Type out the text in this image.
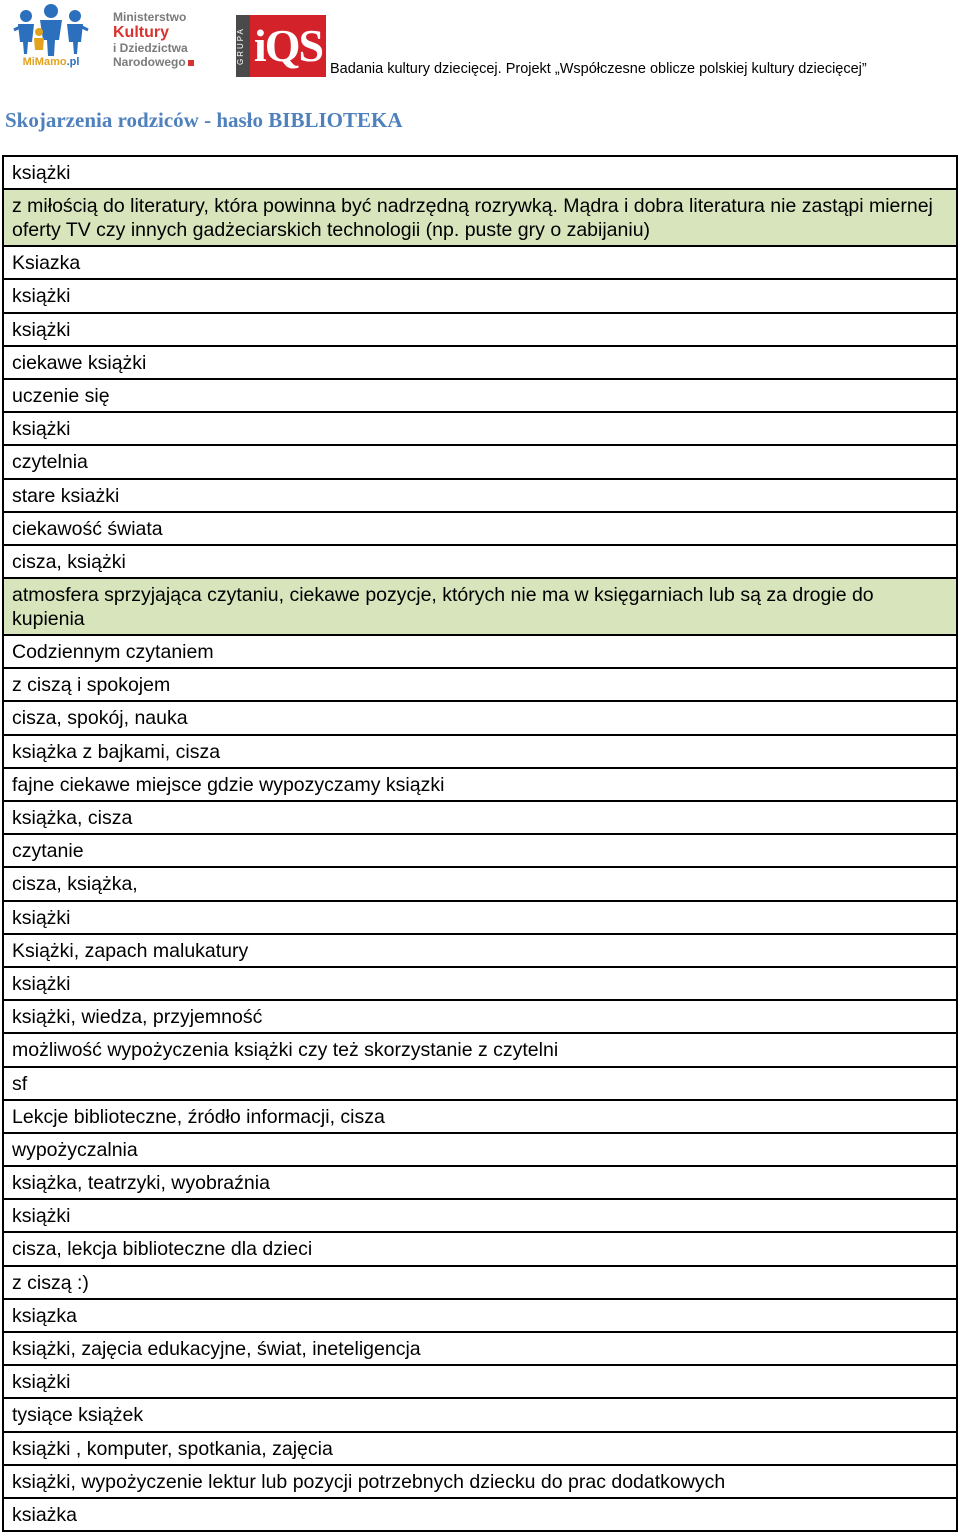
MiMamo.pl
Ministerstwo
Kultury
i Dziedzictwa
Narodowego	GRUPA iQS Badania kultury dziecięcej. Projekt „Współczesne oblicze polskiej kultury dziecięcej”
Skojarzenia rodziców - hasło BIBLIOTEKA
książki
z miłością do literatury, która powinna być nadrzędną rozrywką. Mądra i dobra literatura nie zastąpi miernej oferty TV czy innych gadżeciarskich technologii (np. puste gry o zabijaniu)
Ksiazka
książki
książki
ciekawe książki
uczenie się
książki
czytelnia
stare ksiażki
ciekawość świata
cisza, książki
atmosfera sprzyjająca czytaniu, ciekawe pozycje, których nie ma w księgarniach lub są za drogie do kupienia
Codziennym czytaniem
z ciszą i spokojem
cisza, spokój, nauka
książka z bajkami, cisza
fajne ciekawe miejsce gdzie wypozyczamy ksiązki
książka, cisza
czytanie
cisza, książka,
książki
Książki, zapach malukatury
książki
książki, wiedza, przyjemność
możliwość wypożyczenia książki czy też skorzystanie z czytelni
sf
Lekcje biblioteczne, źródło informacji, cisza
wypożyczalnia
książka, teatrzyki, wyobraźnia
książki
cisza, lekcja biblioteczne dla dzieci
z ciszą :)
ksiązka
książki, zajęcia edukacyjne, świat, ineteligencja
książki
tysiące książek
książki , komputer, spotkania, zajęcia
książki, wypożyczenie lektur lub pozycji potrzebnych dziecku do prac dodatkowych
ksiażka
